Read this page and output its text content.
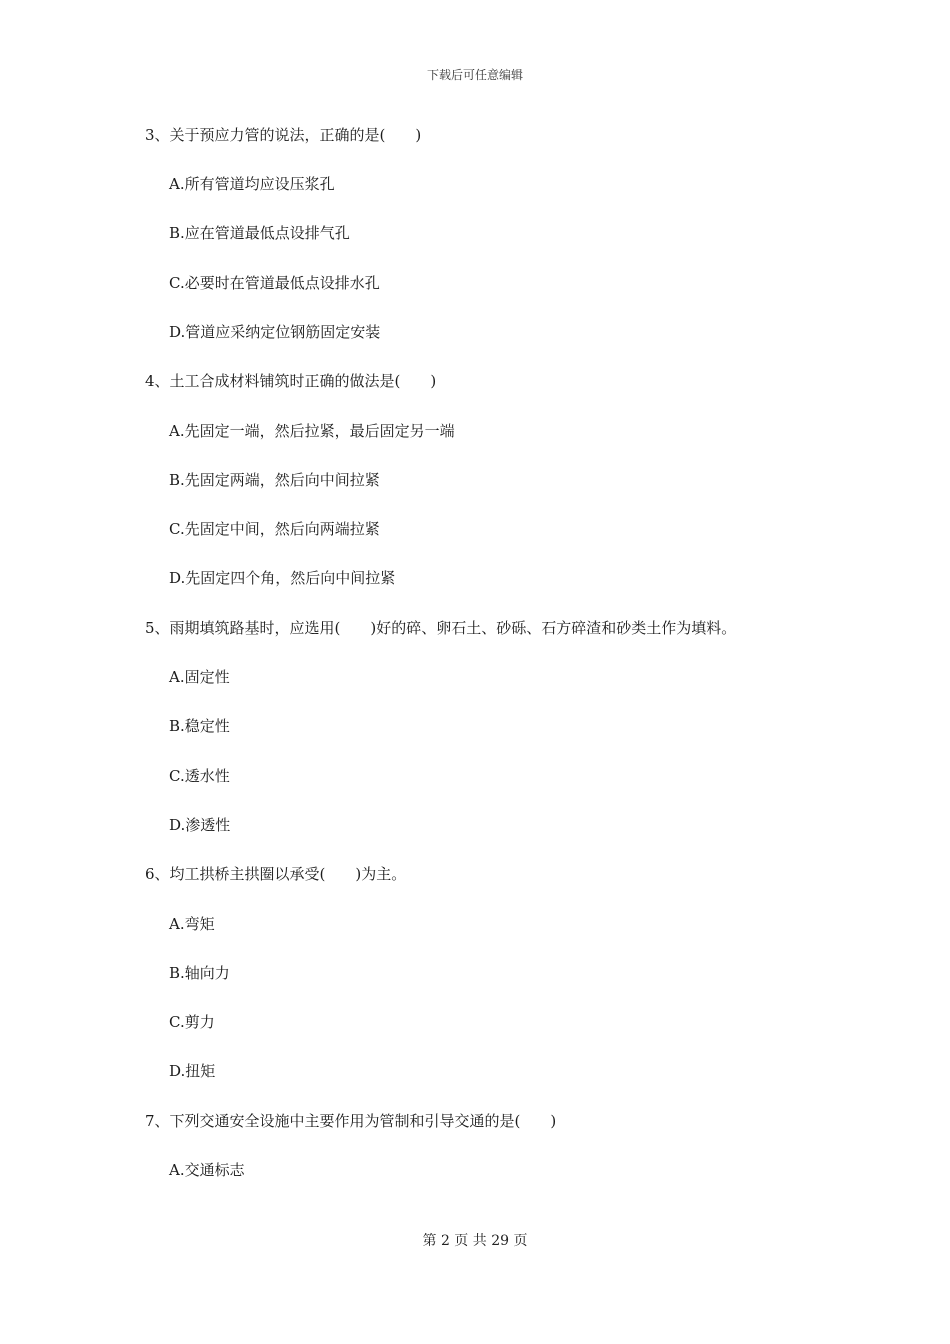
下载后可任意编辑
3、关于预应力管的说法，正确的是(　　)
A.所有管道均应设压浆孔
B.应在管道最低点设排气孔
C.必要时在管道最低点设排水孔
D.管道应采纳定位钢筋固定安装
4、土工合成材料铺筑时正确的做法是(　　)
A.先固定一端，然后拉紧，最后固定另一端
B.先固定两端，然后向中间拉紧
C.先固定中间，然后向两端拉紧
D.先固定四个角，然后向中间拉紧
5、雨期填筑路基时，应选用(　　)好的碎、卵石土、砂砾、石方碎渣和砂类土作为填料。
A.固定性
B.稳定性
C.透水性
D.渗透性
6、均工拱桥主拱圈以承受(　　)为主。
A.弯矩
B.轴向力
C.剪力
D.扭矩
7、下列交通安全设施中主要作用为管制和引导交通的是(　　)
A.交通标志
第 2 页 共 29 页
